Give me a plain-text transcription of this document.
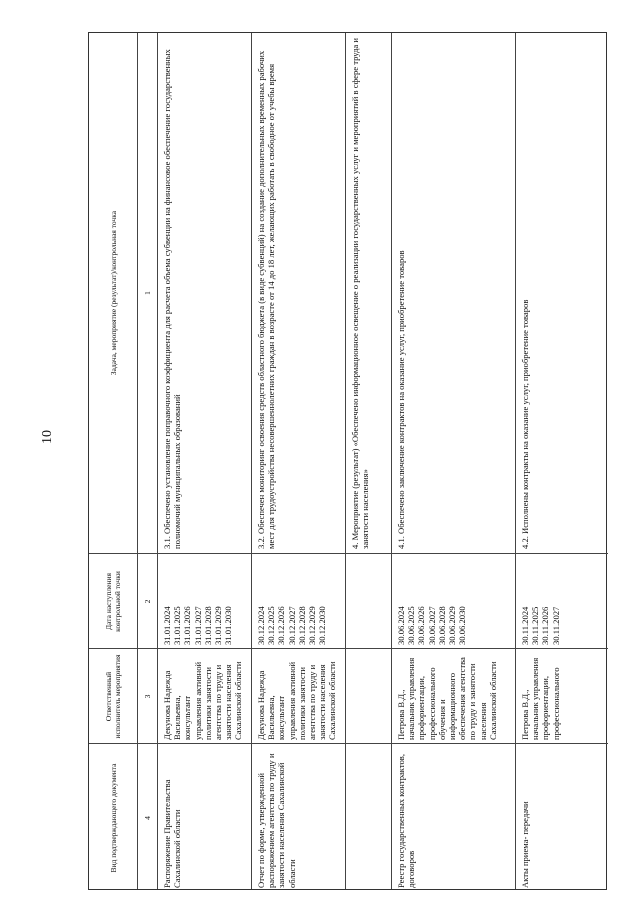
10
Задача, мероприятие (результат)/контрольная точка
Дата наступления контрольной точки
Ответственный исполнитель мероприятия
Вид подтверждающего документа
1
2
3
4
3.1. Обеспечено установление поправочного коэффициента для расчета объема субвенции на финансовое обеспечение государственных полномочий муниципальных образований
31.01.2024
31.01.2025
31.01.2026
31.01.2027
31.01.2028
31.01.2029
31.01.2030
Декунова Надежда Васильевна, консультант управления активной политики занятости агентства по труду и занятости населения Сахалинской области
Распоряжение Правительства Сахалинской области
3.2. Обеспечен мониторинг освоения средств областного бюджета (в виде субвенций) на создание дополнительных временных рабочих мест для трудоустройства несовершеннолетних граждан в возрасте от 14 до 18 лет, желающих работать в свободное от учебы время
30.12.2024
30.12.2025
30.12.2026
30.12.2027
30.12.2028
30.12.2029
30.12.2030
Декунова Надежда Васильевна, консультант управления активной политики занятости агентства по труду и занятости населения Сахалинской области
Отчет по форме, утвержденной распоряжением агентства по труду и занятости населения Сахалинской области
4. Мероприятие (результат) «Обеспечено информационное освещение о реализации государственных услуг и мероприятий в сфере труда и занятости населения»	4.1. Обеспечено заключение контрактов на оказание услуг, приобретение товаров
30.06.2024
30.06.2025
30.06.2026
30.06.2027
30.06.2028
30.06.2029
30.06.2030
Петрова В.Д., начальник управления профориентации, профессионального обучения и информационного обеспечения агентства по труду и занятости населения Сахалинской области
Реестр государственных контрактов, договоров
4.2. Исполнены контракты на оказание услуг, приобретение товаров
30.11.2024
30.11.2025
30.11.2026
30.11.2027
Петрова В.Д., начальник управления профориентации, профессионального
Акты приема- передачи
